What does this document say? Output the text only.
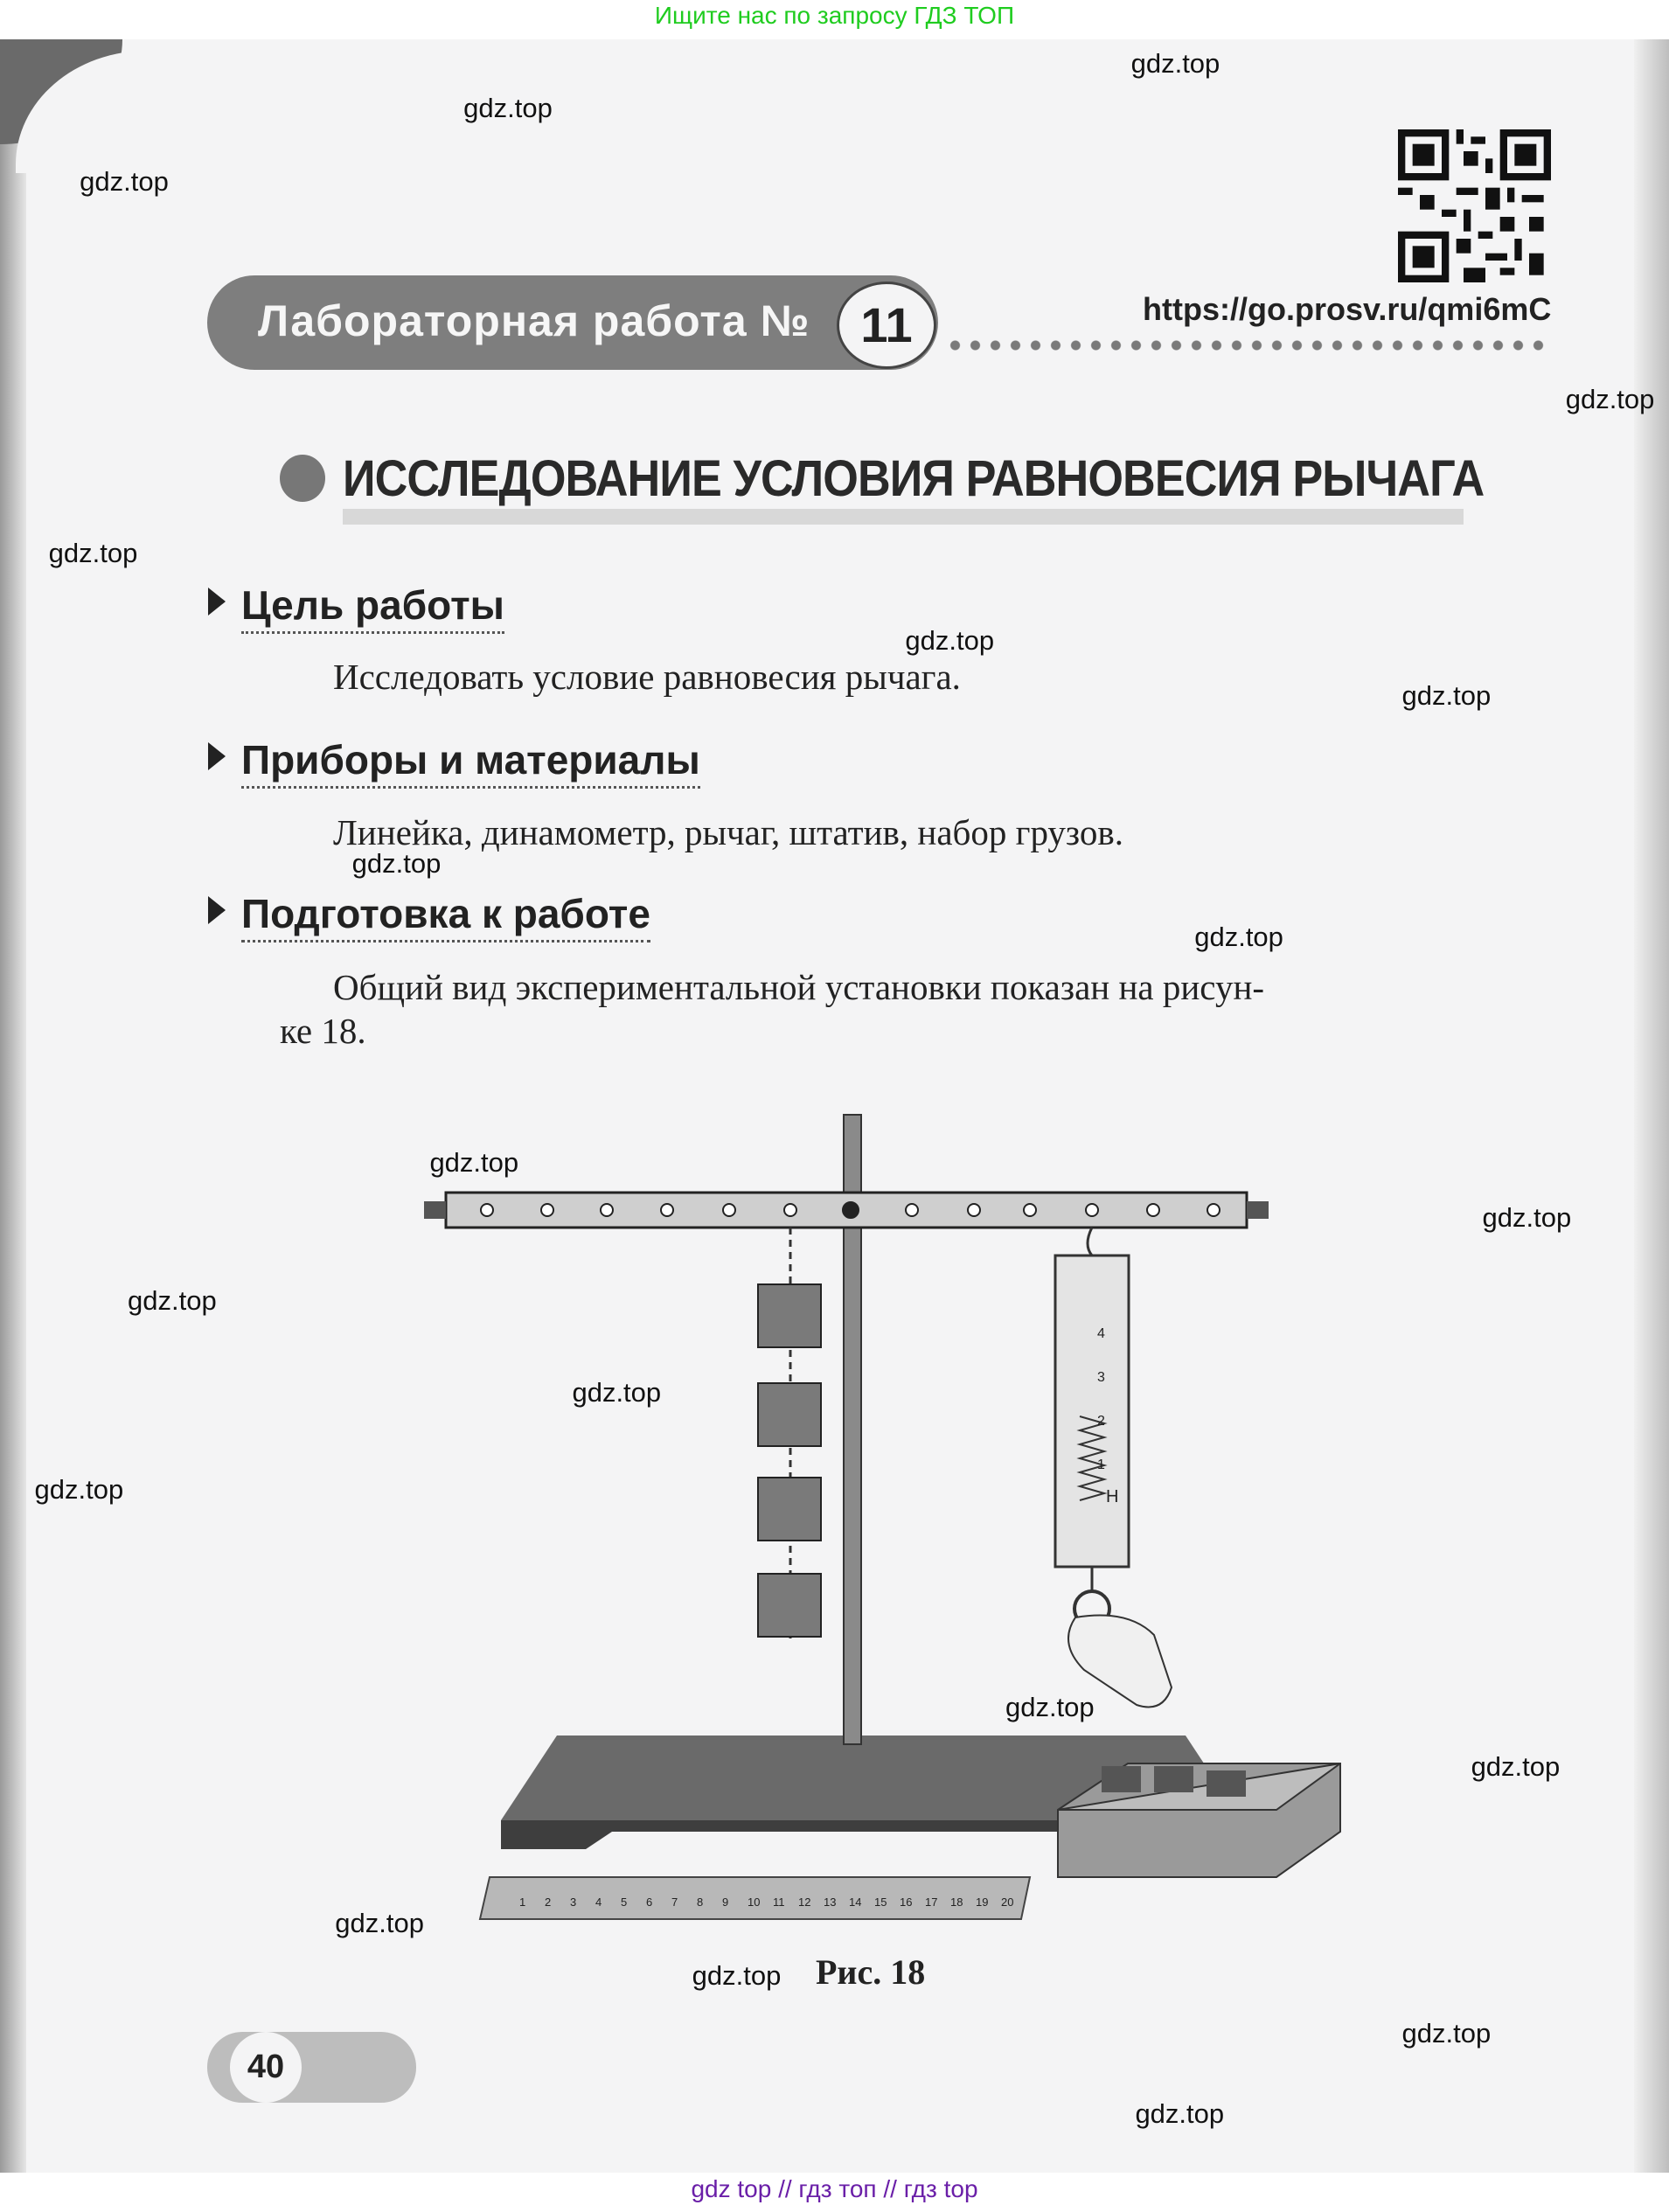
Ищите нас по запросу ГДЗ ТОП
Лабораторная работа №	11	https://go.prosv.ru/qmi6mC
ИССЛЕДОВАНИЕ УСЛОВИЯ РАВНОВЕСИЯ РЫЧАГА
Цель работы
Исследовать условие равновесия рычага.
Приборы и материалы
Линейка, динамометр, рычаг, штатив, набор грузов.
Подготовка к работе
Общий вид экспериментальной установки показан на рисун-
ке 18.
1 2 3 4 5 6 7 8 9 10 11 12 13 14 15 16 17 18 19 20
1
2
3
4
Н
Рис. 18
40
gdz.top
gdz.top
gdz.top
gdz.top
gdz.top
gdz.top
gdz.top
gdz.top
gdz.top
gdz.top
gdz.top
gdz.top
gdz.top
gdz.top
gdz.top
gdz.top
gdz.top
gdz.top
gdz.top
gdz.top
gdz top // гдз топ // гдз top
